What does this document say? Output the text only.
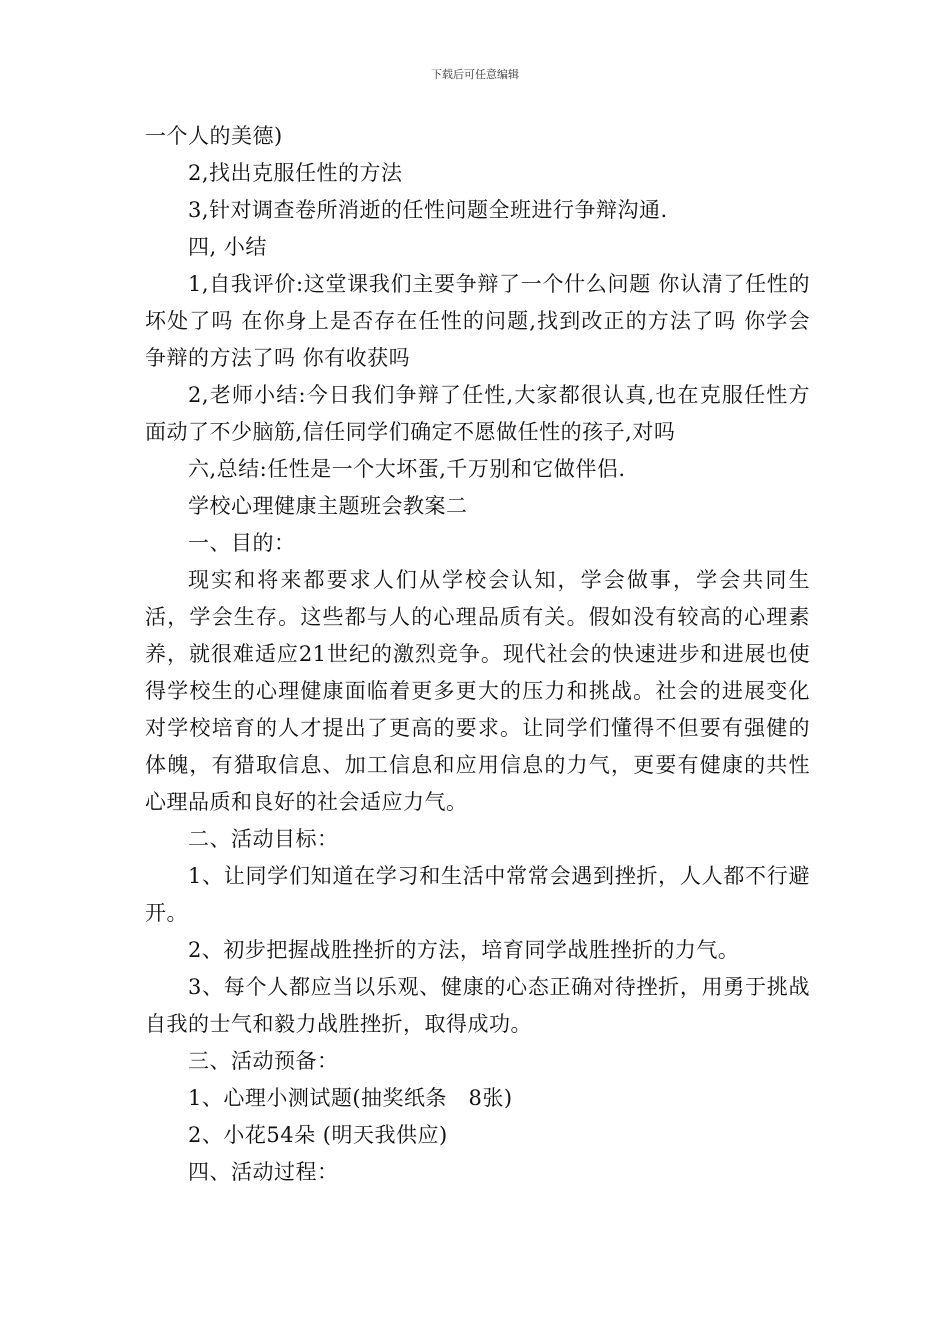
下载后可任意编辑

一个人的美德)

2,找出克服任性的方法

3,针对调查卷所消逝的任性问题全班进行争辩沟通.

四, 小结

1,自我评价:这堂课我们主要争辩了一个什么问题 你认清了任性的坏处了吗 在你身上是否存在任性的问题,找到改正的方法了吗 你学会争辩的方法了吗 你有收获吗

2,老师小结:今日我们争辩了任性,大家都很认真,也在克服任性方面动了不少脑筋,信任同学们确定不愿做任性的孩子,对吗

六,总结:任性是一个大坏蛋,千万别和它做伴侣.

学校心理健康主题班会教案二

一、目的：

现实和将来都要求人们从学校会认知，学会做事，学会共同生活，学会生存。这些都与人的心理品质有关。假如没有较高的心理素养，就很难适应21世纪的激烈竞争。现代社会的快速进步和进展也使得学校生的心理健康面临着更多更大的压力和挑战。社会的进展变化对学校培育的人才提出了更高的要求。让同学们懂得不但要有强健的体魄，有猎取信息、加工信息和应用信息的力气，更要有健康的共性心理品质和良好的社会适应力气。

二、活动目标：

1、让同学们知道在学习和生活中常常会遇到挫折，人人都不行避开。

2、初步把握战胜挫折的方法，培育同学战胜挫折的力气。

3、每个人都应当以乐观、健康的心态正确对待挫折，用勇于挑战自我的士气和毅力战胜挫折，取得成功。

三、活动预备：

1、心理小测试题(抽奖纸条　8张)

2、小花54朵 (明天我供应)

四、活动过程：
